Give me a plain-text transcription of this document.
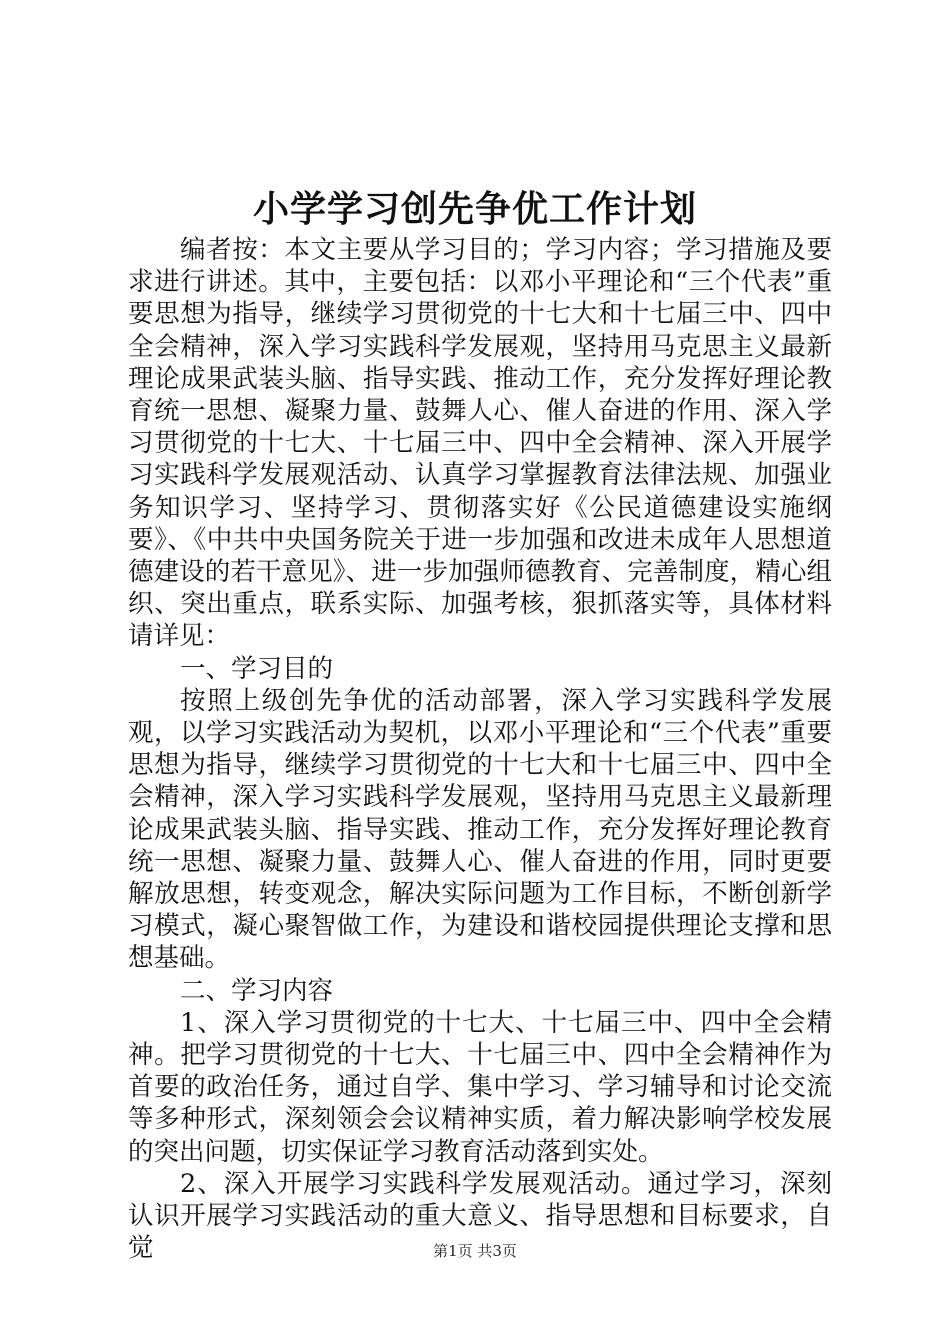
小学学习创先争优工作计划

编者按：本文主要从学习目的；学习内容；学习措施及要求进行讲述。其中，主要包括：以邓小平理论和“三个代表”重要思想为指导，继续学习贯彻党的十七大和十七届三中、四中全会精神，深入学习实践科学发展观，坚持用马克思主义最新理论成果武装头脑、指导实践、推动工作，充分发挥好理论教育统一思想、凝聚力量、鼓舞人心、催人奋进的作用、深入学习贯彻党的十七大、十七届三中、四中全会精神、深入开展学习实践科学发展观活动、认真学习掌握教育法律法规、加强业务知识学习、坚持学习、贯彻落实好《公民道德建设实施纲要》、《中共中央国务院关于进一步加强和改进未成年人思想道德建设的若干意见》、进一步加强师德教育、完善制度，精心组织、突出重点，联系实际、加强考核，狠抓落实等，具体材料请详见：

一、学习目的

按照上级创先争优的活动部署，深入学习实践科学发展观，以学习实践活动为契机，以邓小平理论和“三个代表”重要思想为指导，继续学习贯彻党的十七大和十七届三中、四中全会精神，深入学习实践科学发展观，坚持用马克思主义最新理论成果武装头脑、指导实践、推动工作，充分发挥好理论教育统一思想、凝聚力量、鼓舞人心、催人奋进的作用，同时更要解放思想，转变观念，解决实际问题为工作目标，不断创新学习模式，凝心聚智做工作，为建设和谐校园提供理论支撑和思想基础。

二、学习内容

1、深入学习贯彻党的十七大、十七届三中、四中全会精神。把学习贯彻党的十七大、十七届三中、四中全会精神作为首要的政治任务，通过自学、集中学习、学习辅导和讨论交流等多种形式，深刻领会会议精神实质，着力解决影响学校发展的突出问题，切实保证学习教育活动落到实处。

2、深入开展学习实践科学发展观活动。通过学习，深刻认识开展学习实践活动的重大意义、指导思想和目标要求，自觉	第1页 共3页
